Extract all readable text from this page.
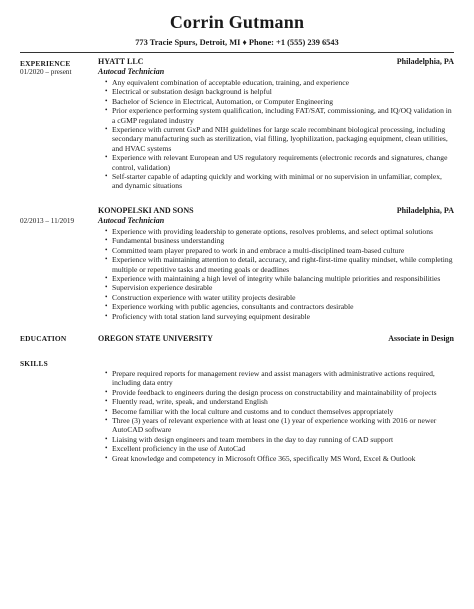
Corrin Gutmann
773 Tracie Spurs, Detroit, MI ♦ Phone: +1 (555) 239 6543
EXPERIENCE
01/2020 – present
HYATT LLC	Philadelphia, PA
Autocad Technician
• Any equivalent combination of acceptable education, training, and experience
• Electrical or substation design background is helpful
• Bachelor of Science in Electrical, Automation, or Computer Engineering
• Prior experience performing system qualification, including FAT/SAT, commissioning, and IQ/OQ validation in a cGMP regulated industry
• Experience with current GxP and NIH guidelines for large scale recombinant biological processing, including secondary manufacturing such as sterilization, vial filling, lyophilization, packaging equipment, clean utilities, and HVAC systems
• Experience with relevant European and US regulatory requirements (electronic records and signatures, change control, validation)
• Self-starter capable of adapting quickly and working with minimal or no supervision in unfamiliar, complex, and dynamic situations
02/2013 – 11/2019
KONOPELSKI AND SONS	Philadelphia, PA
Autocad Technician
• Experience with providing leadership to generate options, resolves problems, and select optimal solutions
• Fundamental business understanding
• Committed team player prepared to work in and embrace a multi-disciplined team-based culture
• Experience with maintaining attention to detail, accuracy, and right-first-time quality mindset, while completing multiple or repetitive tasks and meeting goals or deadlines
• Experience with maintaining a high level of integrity while balancing multiple priorities and responsibilities
• Supervision experience desirable
• Construction experience with water utility projects desirable
• Experience working with public agencies, consultants and contractors desirable
• Proficiency with total station land surveying equipment desirable
EDUCATION	OREGON STATE UNIVERSITY	Associate in Design
SKILLS
• Prepare required reports for management review and assist managers with administrative actions required, including data entry
• Provide feedback to engineers during the design process on constructability and maintainability of projects
• Fluently read, write, speak, and understand English
• Become familiar with the local culture and customs and to conduct themselves appropriately
• Three (3) years of relevant experience with at least one (1) year of experience working with 2016 or newer AutoCAD software
• Liaising with design engineers and team members in the day to day running of CAD support
• Excellent proficiency in the use of AutoCad
• Great knowledge and competency in Microsoft Office 365, specifically MS Word, Excel & Outlook
